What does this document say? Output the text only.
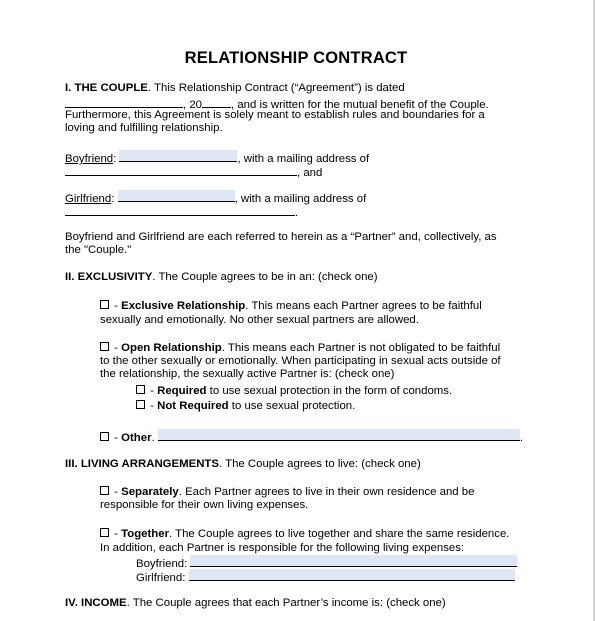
RELATIONSHIP CONTRACT
I. THE COUPLE. This Relationship Contract (“Agreement”) is dated
, 20	, and is written for the mutual benefit of the Couple.
Furthermore, this Agreement is solely meant to establish rules and boundaries for a
loving and fulfilling relationship.
Boyfriend:	, with a mailing address of
, and
Girlfriend:	, with a mailing address of
.
Boyfriend and Girlfriend are each referred to herein as a “Partner” and, collectively, as
the "Couple."
II. EXCLUSIVITY. The Couple agrees to be in an: (check one)
- Exclusive Relationship. This means each Partner agrees to be faithful
sexually and emotionally. No other sexual partners are allowed.
- Open Relationship. This means each Partner is not obligated to be faithful
to the other sexually or emotionally. When participating in sexual acts outside of
the relationship, the sexually active Partner is: (check one)
- Required to use sexual protection in the form of condoms.
- Not Required to use sexual protection.
- Other.	.
III. LIVING ARRANGEMENTS. The Couple agrees to live: (check one)
- Separately. Each Partner agrees to live in their own residence and be
responsible for their own living expenses.
- Together. The Couple agrees to live together and share the same residence.
In addition, each Partner is responsible for the following living expenses:
Boyfriend:
Girlfriend:
IV. INCOME. The Couple agrees that each Partner’s income is: (check one)
